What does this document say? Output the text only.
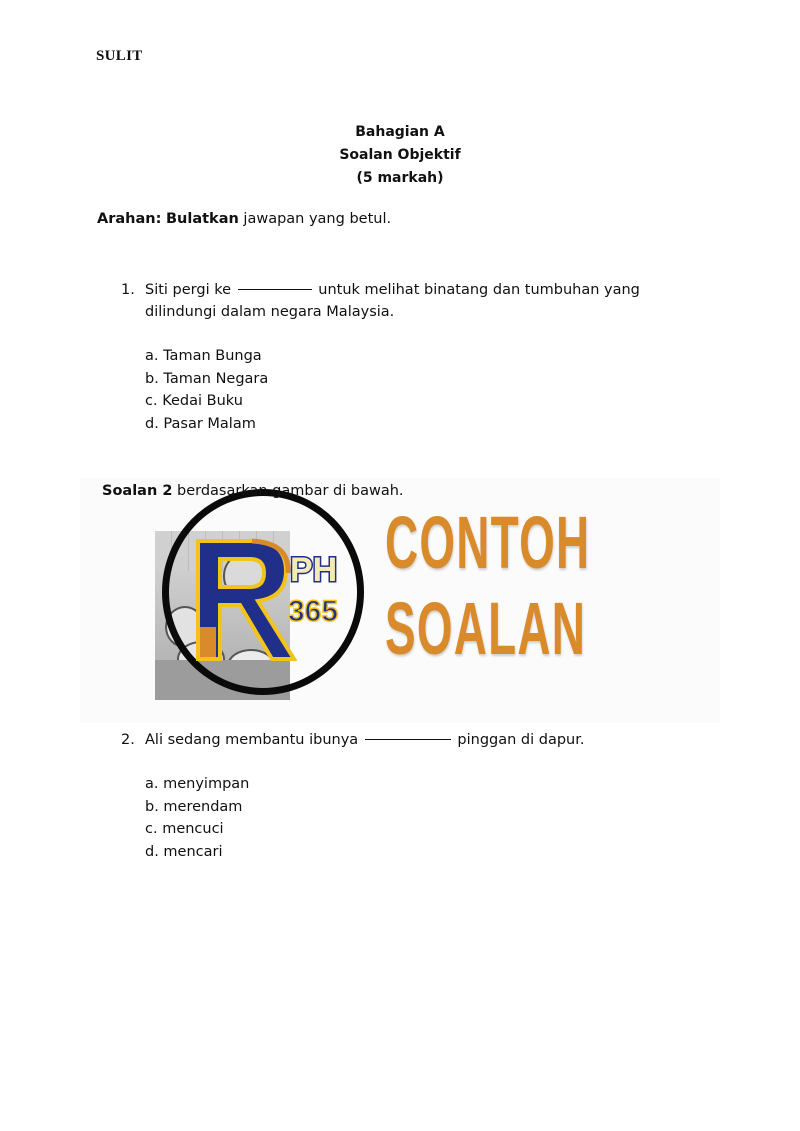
SULIT
Bahagian A
Soalan Objektif
(5 markah)
Arahan: Bulatkan jawapan yang betul.
1. Siti pergi ke	untuk melihat binatang dan tumbuhan yang dilindungi dalam negara Malaysia.
a. Taman Bunga
b. Taman Negara
c. Kedai Buku
d. Pasar Malam
Soalan 2 berdasarkan gambar di bawah.
PH
365
CONTOH
SOALAN
2. Ali sedang membantu ibunya	pinggan di dapur.
a. menyimpan
b. merendam
c. mencuci
d. mencari
